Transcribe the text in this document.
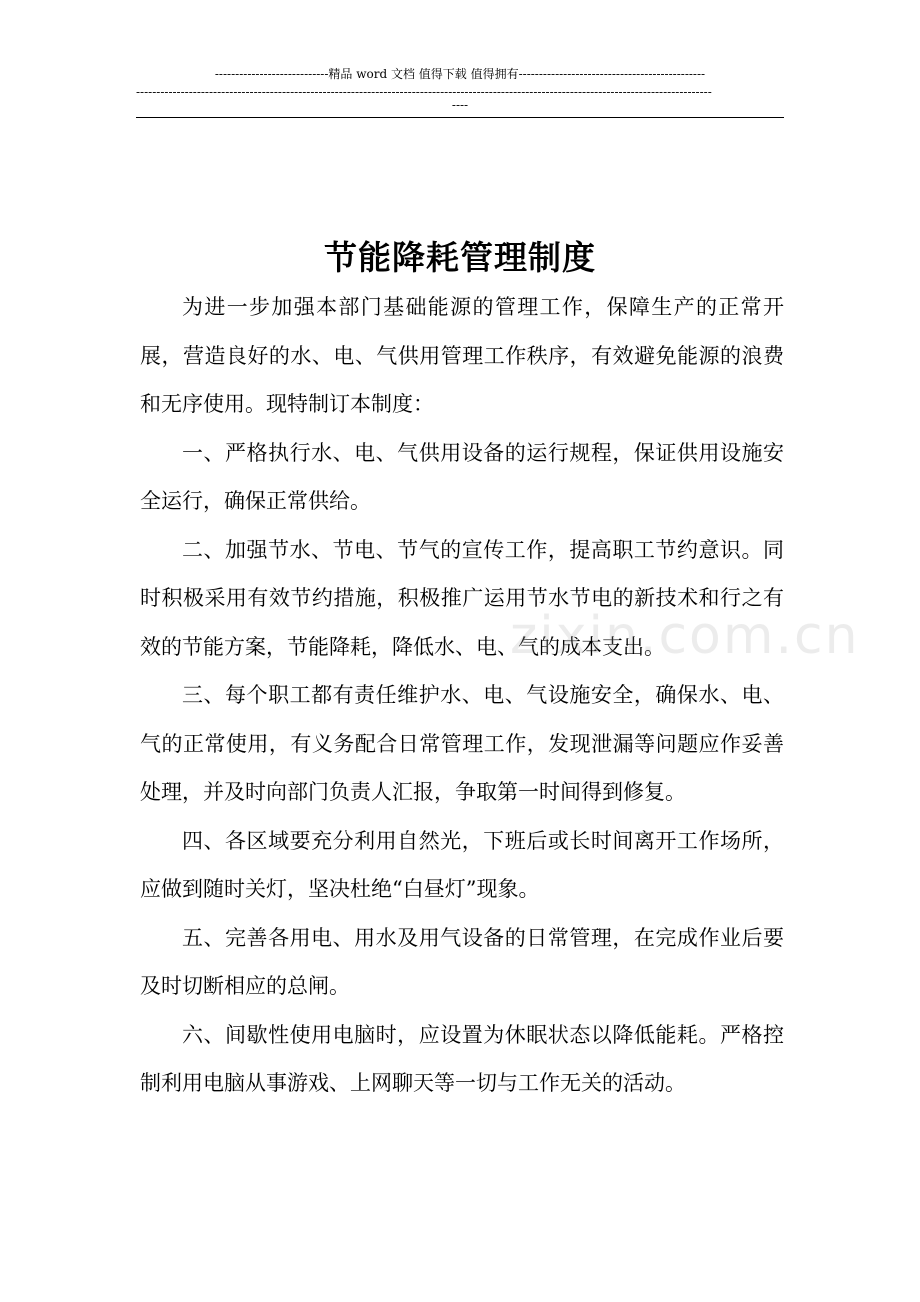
----------------------------精品 word 文档 值得下载 值得拥有----------------------------------------------
----------------------------------------------------------------------------------------------------------------------------------------------
----
节能降耗管理制度

为进一步加强本部门基础能源的管理工作，保障生产的正常开展，营造良好的水、电、气供用管理工作秩序，有效避免能源的浪费和无序使用。现特制订本制度：

一、严格执行水、电、气供用设备的运行规程，保证供用设施安全运行，确保正常供给。

二、加强节水、节电、节气的宣传工作，提高职工节约意识。同时积极采用有效节约措施，积极推广运用节水节电的新技术和行之有效的节能方案，节能降耗，降低水、电、气的成本支出。

三、每个职工都有责任维护水、电、气设施安全，确保水、电、气的正常使用，有义务配合日常管理工作，发现泄漏等问题应作妥善处理，并及时向部门负责人汇报，争取第一时间得到修复。

四、各区域要充分利用自然光，下班后或长时间离开工作场所，应做到随时关灯，坚决杜绝“白昼灯”现象。

五、完善各用电、用水及用气设备的日常管理，在完成作业后要及时切断相应的总闸。

六、间歇性使用电脑时，应设置为休眠状态以降低能耗。严格控制利用电脑从事游戏、上网聊天等一切与工作无关的活动。

zixin.com.cn
